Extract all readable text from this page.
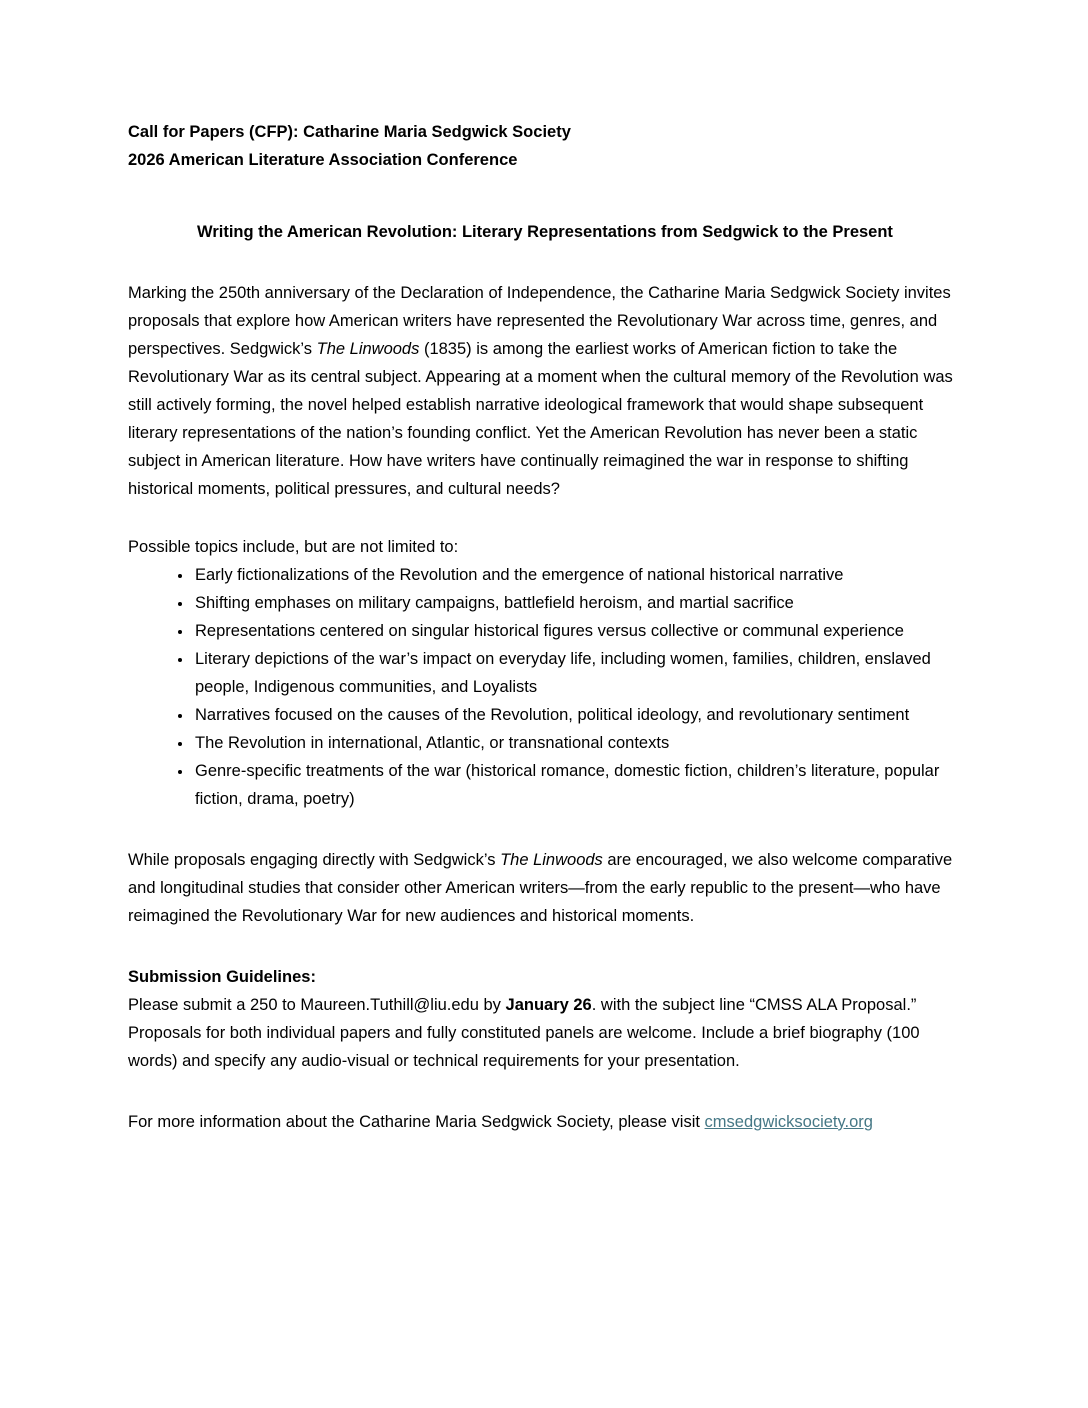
Call for Papers (CFP): Catharine Maria Sedgwick Society
2026 American Literature Association Conference
Writing the American Revolution: Literary Representations from Sedgwick to the Present

Marking the 250th anniversary of the Declaration of Independence, the Catharine Maria Sedgwick Society invites proposals that explore how American writers have represented the Revolutionary War across time, genres, and perspectives. Sedgwick’s The Linwoods (1835) is among the earliest works of American fiction to take the Revolutionary War as its central subject. Appearing at a moment when the cultural memory of the Revolution was still actively forming, the novel helped establish narrative ideological framework that would shape subsequent literary representations of the nation’s founding conflict. Yet the American Revolution has never been a static subject in American literature. How have writers have continually reimagined the war in response to shifting historical moments, political pressures, and cultural needs?

Possible topics include, but are not limited to:
• Early fictionalizations of the Revolution and the emergence of national historical narrative
• Shifting emphases on military campaigns, battlefield heroism, and martial sacrifice
• Representations centered on singular historical figures versus collective or communal experience
• Literary depictions of the war’s impact on everyday life, including women, families, children, enslaved people, Indigenous communities, and Loyalists
• Narratives focused on the causes of the Revolution, political ideology, and revolutionary sentiment
• The Revolution in international, Atlantic, or transnational contexts
• Genre-specific treatments of the war (historical romance, domestic fiction, children’s literature, popular fiction, drama, poetry)

While proposals engaging directly with Sedgwick’s The Linwoods are encouraged, we also welcome comparative and longitudinal studies that consider other American writers—from the early republic to the present—who have reimagined the Revolutionary War for new audiences and historical moments.

Submission Guidelines:

Please submit a 250 to Maureen.Tuthill@liu.edu by January 26. with the subject line “CMSS ALA Proposal.” Proposals for both individual papers and fully constituted panels are welcome. Include a brief biography (100 words) and specify any audio-visual or technical requirements for your presentation.

For more information about the Catharine Maria Sedgwick Society, please visit cmsedgwicksociety.org
